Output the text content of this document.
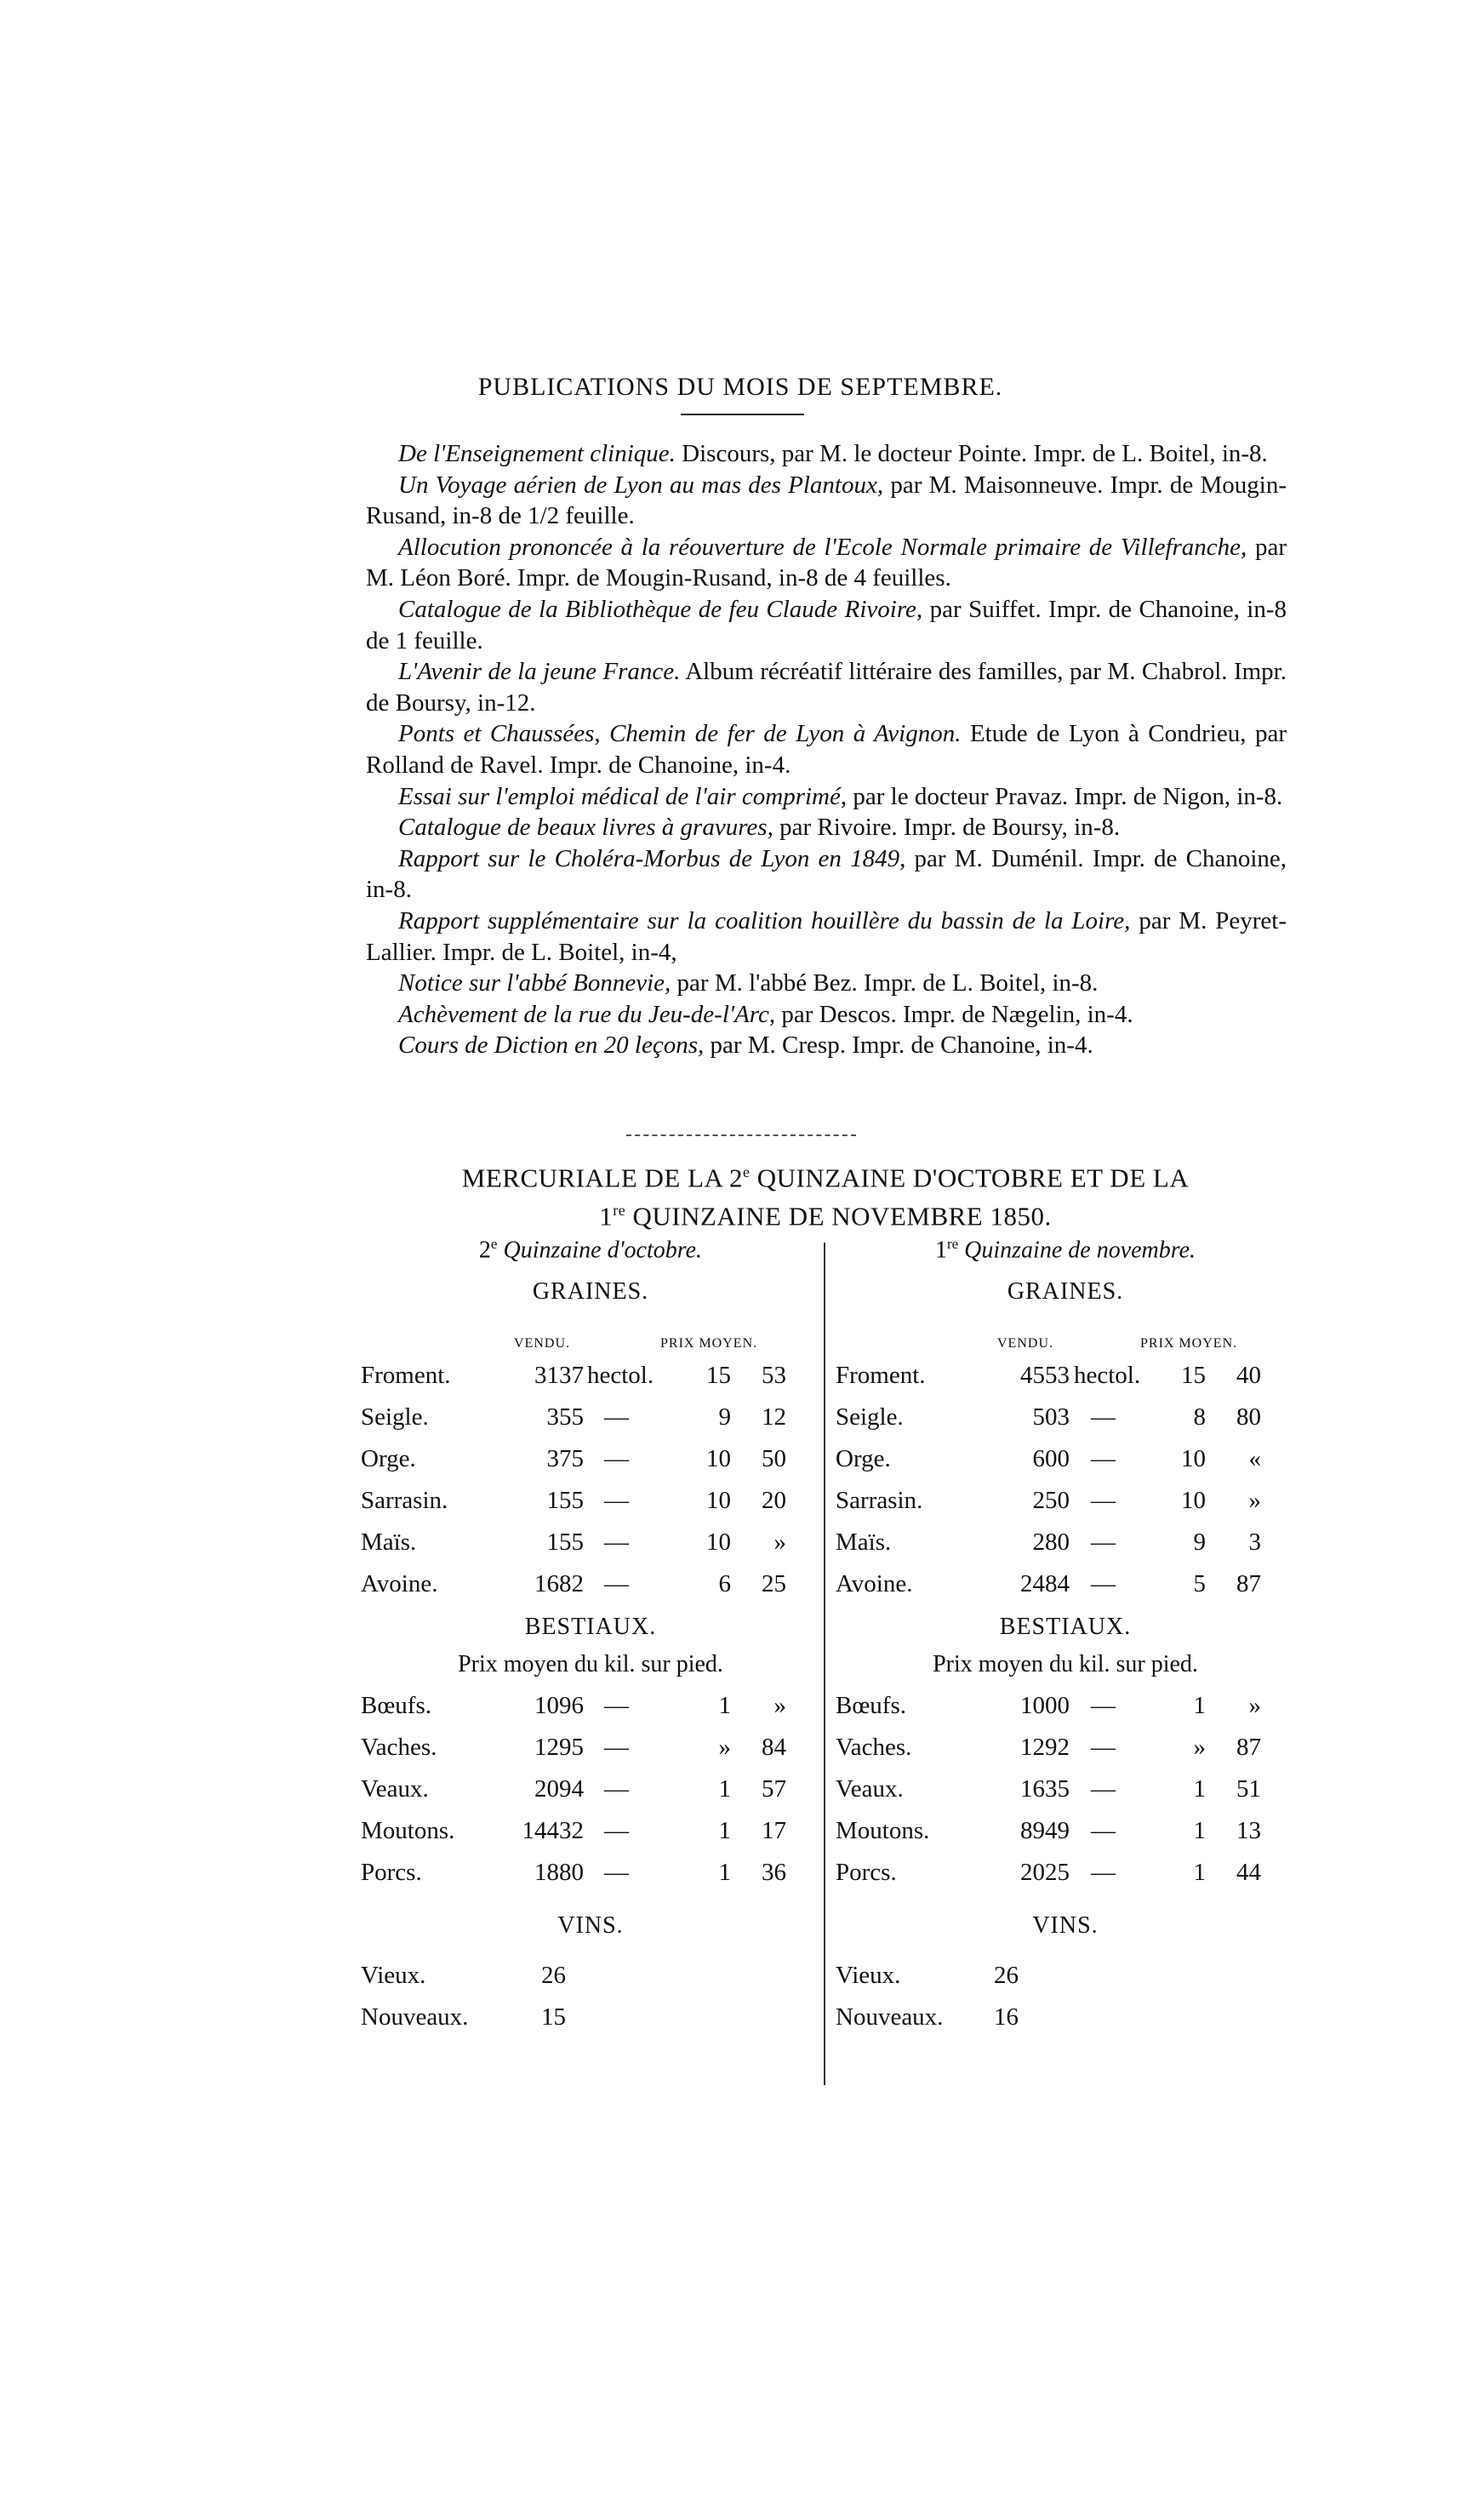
PUBLICATIONS DU MOIS DE SEPTEMBRE.

De l'Enseignement clinique. Discours, par M. le docteur Pointe. Impr. de L. Boitel, in-8.

Un Voyage aérien de Lyon au mas des Plantoux, par M. Maisonneuve. Impr. de Mougin-Rusand, in-8 de 1/2 feuille.

Allocution prononcée à la réouverture de l'Ecole Normale primaire de Villefranche, par M. Léon Boré. Impr. de Mougin-Rusand, in-8 de 4 feuilles.

Catalogue de la Bibliothèque de feu Claude Rivoire, par Suiffet. Impr. de Chanoine, in-8 de 1 feuille.

L'Avenir de la jeune France. Album récréatif littéraire des familles, par M. Chabrol. Impr. de Boursy, in-12.

Ponts et Chaussées, Chemin de fer de Lyon à Avignon. Etude de Lyon à Condrieu, par Rolland de Ravel. Impr. de Chanoine, in-4.

Essai sur l'emploi médical de l'air comprimé, par le docteur Pravaz. Impr. de Nigon, in-8.

Catalogue de beaux livres à gravures, par Rivoire. Impr. de Boursy, in-8.

Rapport sur le Choléra-Morbus de Lyon en 1849, par M. Duménil. Impr. de Chanoine, in-8.

Rapport supplémentaire sur la coalition houillère du bassin de la Loire, par M. Peyret-Lallier. Impr. de L. Boitel, in-4,

Notice sur l'abbé Bonnevie, par M. l'abbé Bez. Impr. de L. Boitel, in-8.

Achèvement de la rue du Jeu-de-l'Arc, par Descos. Impr. de Nægelin, in-4.

Cours de Diction en 20 leçons, par M. Cresp. Impr. de Chanoine, in-4.

MERCURIALE DE LA 2e QUINZAINE D'OCTOBRE ET DE LA
1re QUINZAINE DE NOVEMBRE 1850.
2e Quinzaine d'octobre.
GRAINES.
VENDU.	PRIX MOYEN.
Froment.	3137 hectol. 15 53
Seigle.	355 —	9 12
Orge.	375 —	10 50
Sarrasin.	155 —	10 20
Maïs.	155 —	10 »
Avoine.	1682 —	6 25
BESTIAUX.
Prix moyen du kil. sur pied.
Bœufs.	1096 —	1 »
Vaches.	1295 —	» 84
Veaux.	2094 —	1 57
Moutons.	14432 —	1 17
Porcs.	1880 —	1 36
VINS.
Vieux.	26
Nouveaux.	15
1re Quinzaine de novembre.
GRAINES.
VENDU.	PRIX MOYEN.
Froment.	4553 hectol. 15 40
Seigle.	503 —	8 80
Orge.	600 —	10 «
Sarrasin.	250 —	10 »
Maïs.	280 —	9 3
Avoine.	2484 —	5 87
BESTIAUX.
Prix moyen du kil. sur pied.
Bœufs.	1000 —	1 »
Vaches.	1292 —	» 87
Veaux.	1635 —	1 51
Moutons.	8949 —	1 13
Porcs.	2025 —	1 44
VINS.
Vieux.	26
Nouveaux. 16
